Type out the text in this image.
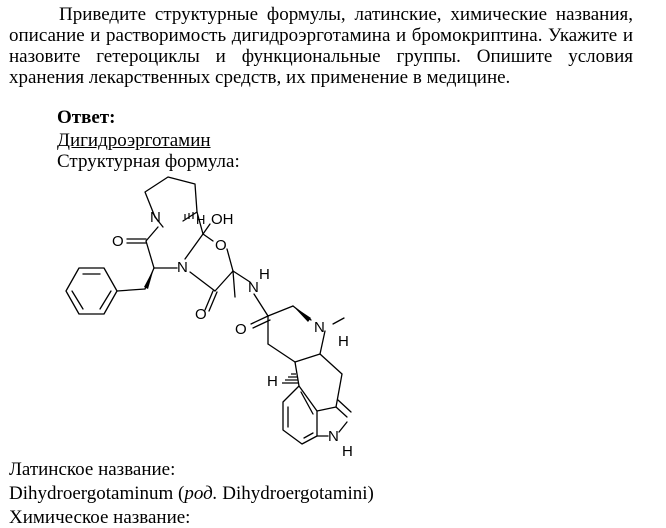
Приведите структурные формулы, латинские, химические названия, описание и растворимость дигидроэрготамина и бромокриптина. Укажите и назовите гетероциклы и функциональные группы. Опишите условия хранения лекарственных средств, их применение в медицине.
Ответ:
Дигидроэрготамин
Структурная формула:
N	H OH
O	O
N
O
N
H
O	N
H
H
N
H
Латинское название:
Dihydroergotaminum (род. Dihydroergotamini)
Химическое название:
